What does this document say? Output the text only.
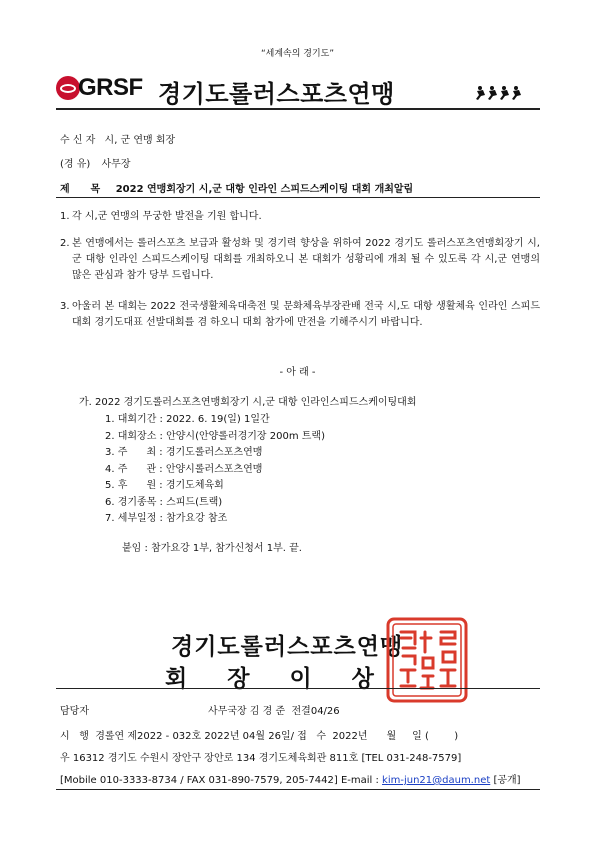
“세계속의 경기도”
GRSF 경기도롤러스포츠연맹
수 신 자 시, 군 연맹 회장
(경 유) 사무장
제      목 2022 연맹회장기 시,군 대항 인라인 스피드스케이팅 대회 개최알림
1. 각 시,군 연맹의 무궁한 발전을 기원 합니다.
2. 본 연맹에서는 롤러스포츠 보급과 활성화 및 경기력 향상을 위하여 2022 경기도 롤러스포츠연맹회장기 시,군 대항 인라인 스피드스케이팅 대회를 개최하오니 본 대회가 성황리에 개최 될 수 있도록 각 시,군 연맹의 많은 관심과 참가 당부 드립니다.
3. 아울러 본 대회는 2022 전국생활체육대축전 및 문화체육부장관배 전국 시,도 대항 생활체육 인라인 스피드대회 경기도대표 선발대회를 겸 하오니 대회 참가에 만전을 기해주시기 바랍니다.
- 아 래 -
가. 2022 경기도롤러스포츠연맹회장기 시,군 대항 인라인스피드스케이팅대회
1. 대회기간 : 2022. 6. 19(일) 1일간
2. 대회장소 : 안양시(안양롤러경기장 200m 트랙)
3. 주      최 : 경기도롤러스포츠연맹
4. 주      관 : 안양시롤러스포츠연맹
5. 후      원 : 경기도체육회
6. 경기종목 : 스피드(트랙)
7. 세부일정 : 참가요강 참조
붙임 : 참가요강 1부, 참가신청서 1부. 끝.
경기도롤러스포츠연맹
회 장 이 상
담당자	사무국장 김 경 준  전결04/26
시   행  경롤연 제2022 - 032호 2022년 04월 26일/ 접   수  2022년      월     일 (        )
우 16312 경기도 수원시 장안구 장안로 134 경기도체육회관 811호 [TEL 031-248-7579]
[Mobile 010-3333-8734 / FAX 031-890-7579, 205-7442] E-mail : kim-jun21@daum.net [공개]
